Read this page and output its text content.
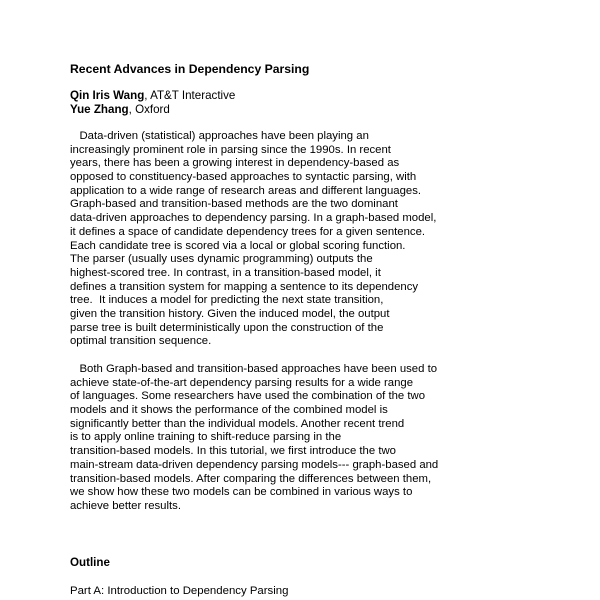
Recent Advances in Dependency Parsing
Qin Iris Wang, AT&T Interactive
Yue Zhang, Oxford
Data-driven (statistical) approaches have been playing an
increasingly prominent role in parsing since the 1990s. In recent
years, there has been a growing interest in dependency-based as
opposed to constituency-based approaches to syntactic parsing, with
application to a wide range of research areas and different languages.
Graph-based and transition-based methods are the two dominant
data-driven approaches to dependency parsing. In a graph-based model,
it defines a space of candidate dependency trees for a given sentence.
Each candidate tree is scored via a local or global scoring function.
The parser (usually uses dynamic programming) outputs the
highest-scored tree. In contrast, in a transition-based model, it
defines a transition system for mapping a sentence to its dependency
tree.  It induces a model for predicting the next state transition,
given the transition history. Given the induced model, the output
parse tree is built deterministically upon the construction of the
optimal transition sequence.
Both Graph-based and transition-based approaches have been used to
achieve state-of-the-art dependency parsing results for a wide range
of languages. Some researchers have used the combination of the two
models and it shows the performance of the combined model is
significantly better than the individual models. Another recent trend
is to apply online training to shift-reduce parsing in the
transition-based models. In this tutorial, we first introduce the two
main-stream data-driven dependency parsing models--- graph-based and
transition-based models. After comparing the differences between them,
we show how these two models can be combined in various ways to
achieve better results.
Outline
Part A: Introduction to Dependency Parsing
